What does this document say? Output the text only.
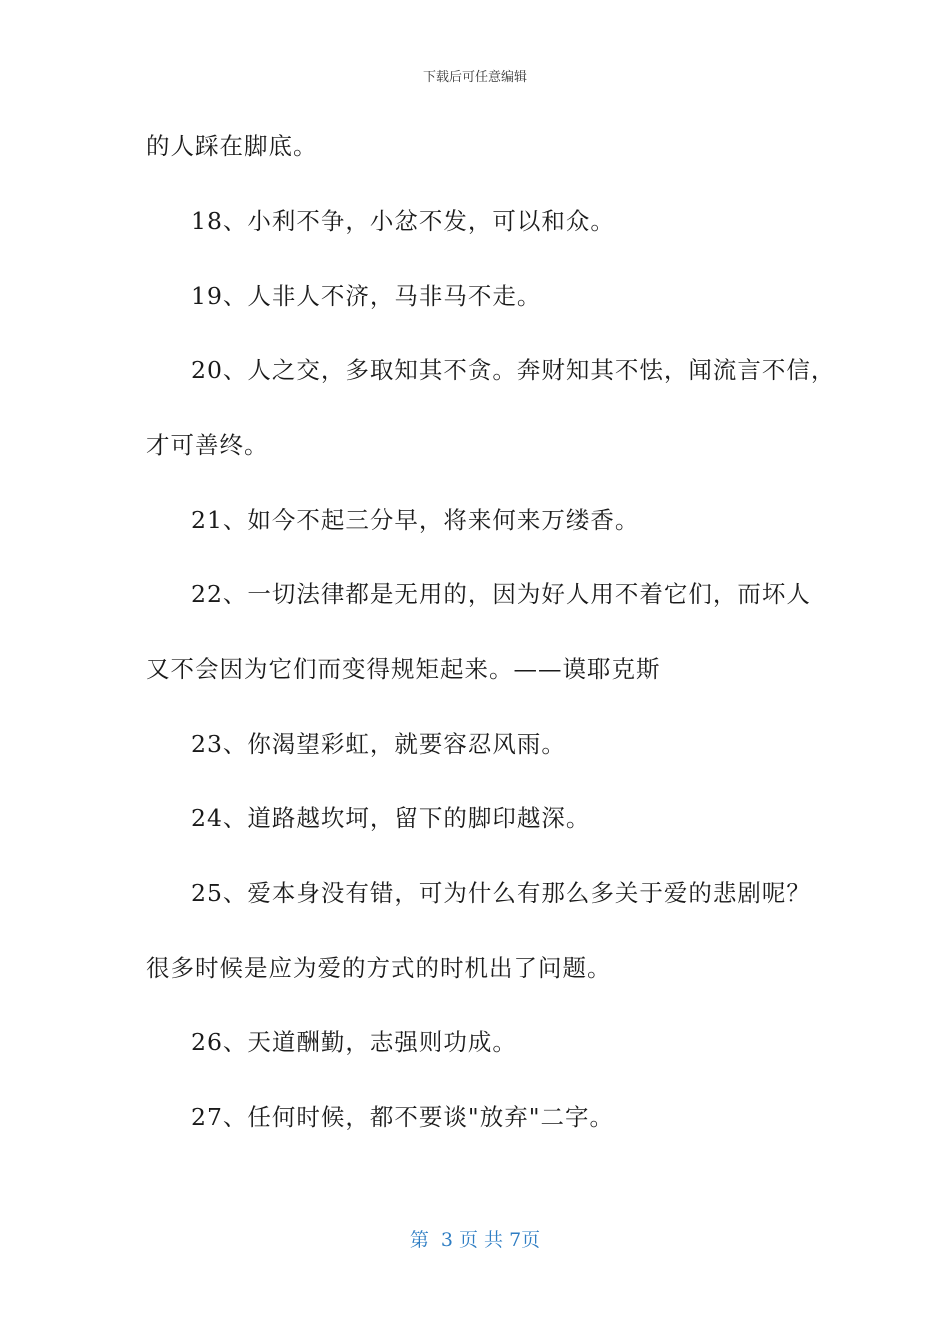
下载后可任意编辑
的人踩在脚底。
18、小利不争，小忿不发，可以和众。
19、人非人不济，马非马不走。
20、人之交，多取知其不贪。奔财知其不怯，闻流言不信，
才可善终。
21、如今不起三分早，将来何来万缕香。
22、一切法律都是无用的，因为好人用不着它们，而坏人
又不会因为它们而变得规矩起来。——谟耶克斯
23、你渴望彩虹，就要容忍风雨。
24、道路越坎坷，留下的脚印越深。
25、爱本身没有错，可为什么有那么多关于爱的悲剧呢？
很多时候是应为爱的方式的时机出了问题。
26、天道酬勤，志强则功成。
27、任何时候，都不要谈"放弃"二字。
第  3 页 共 7页
